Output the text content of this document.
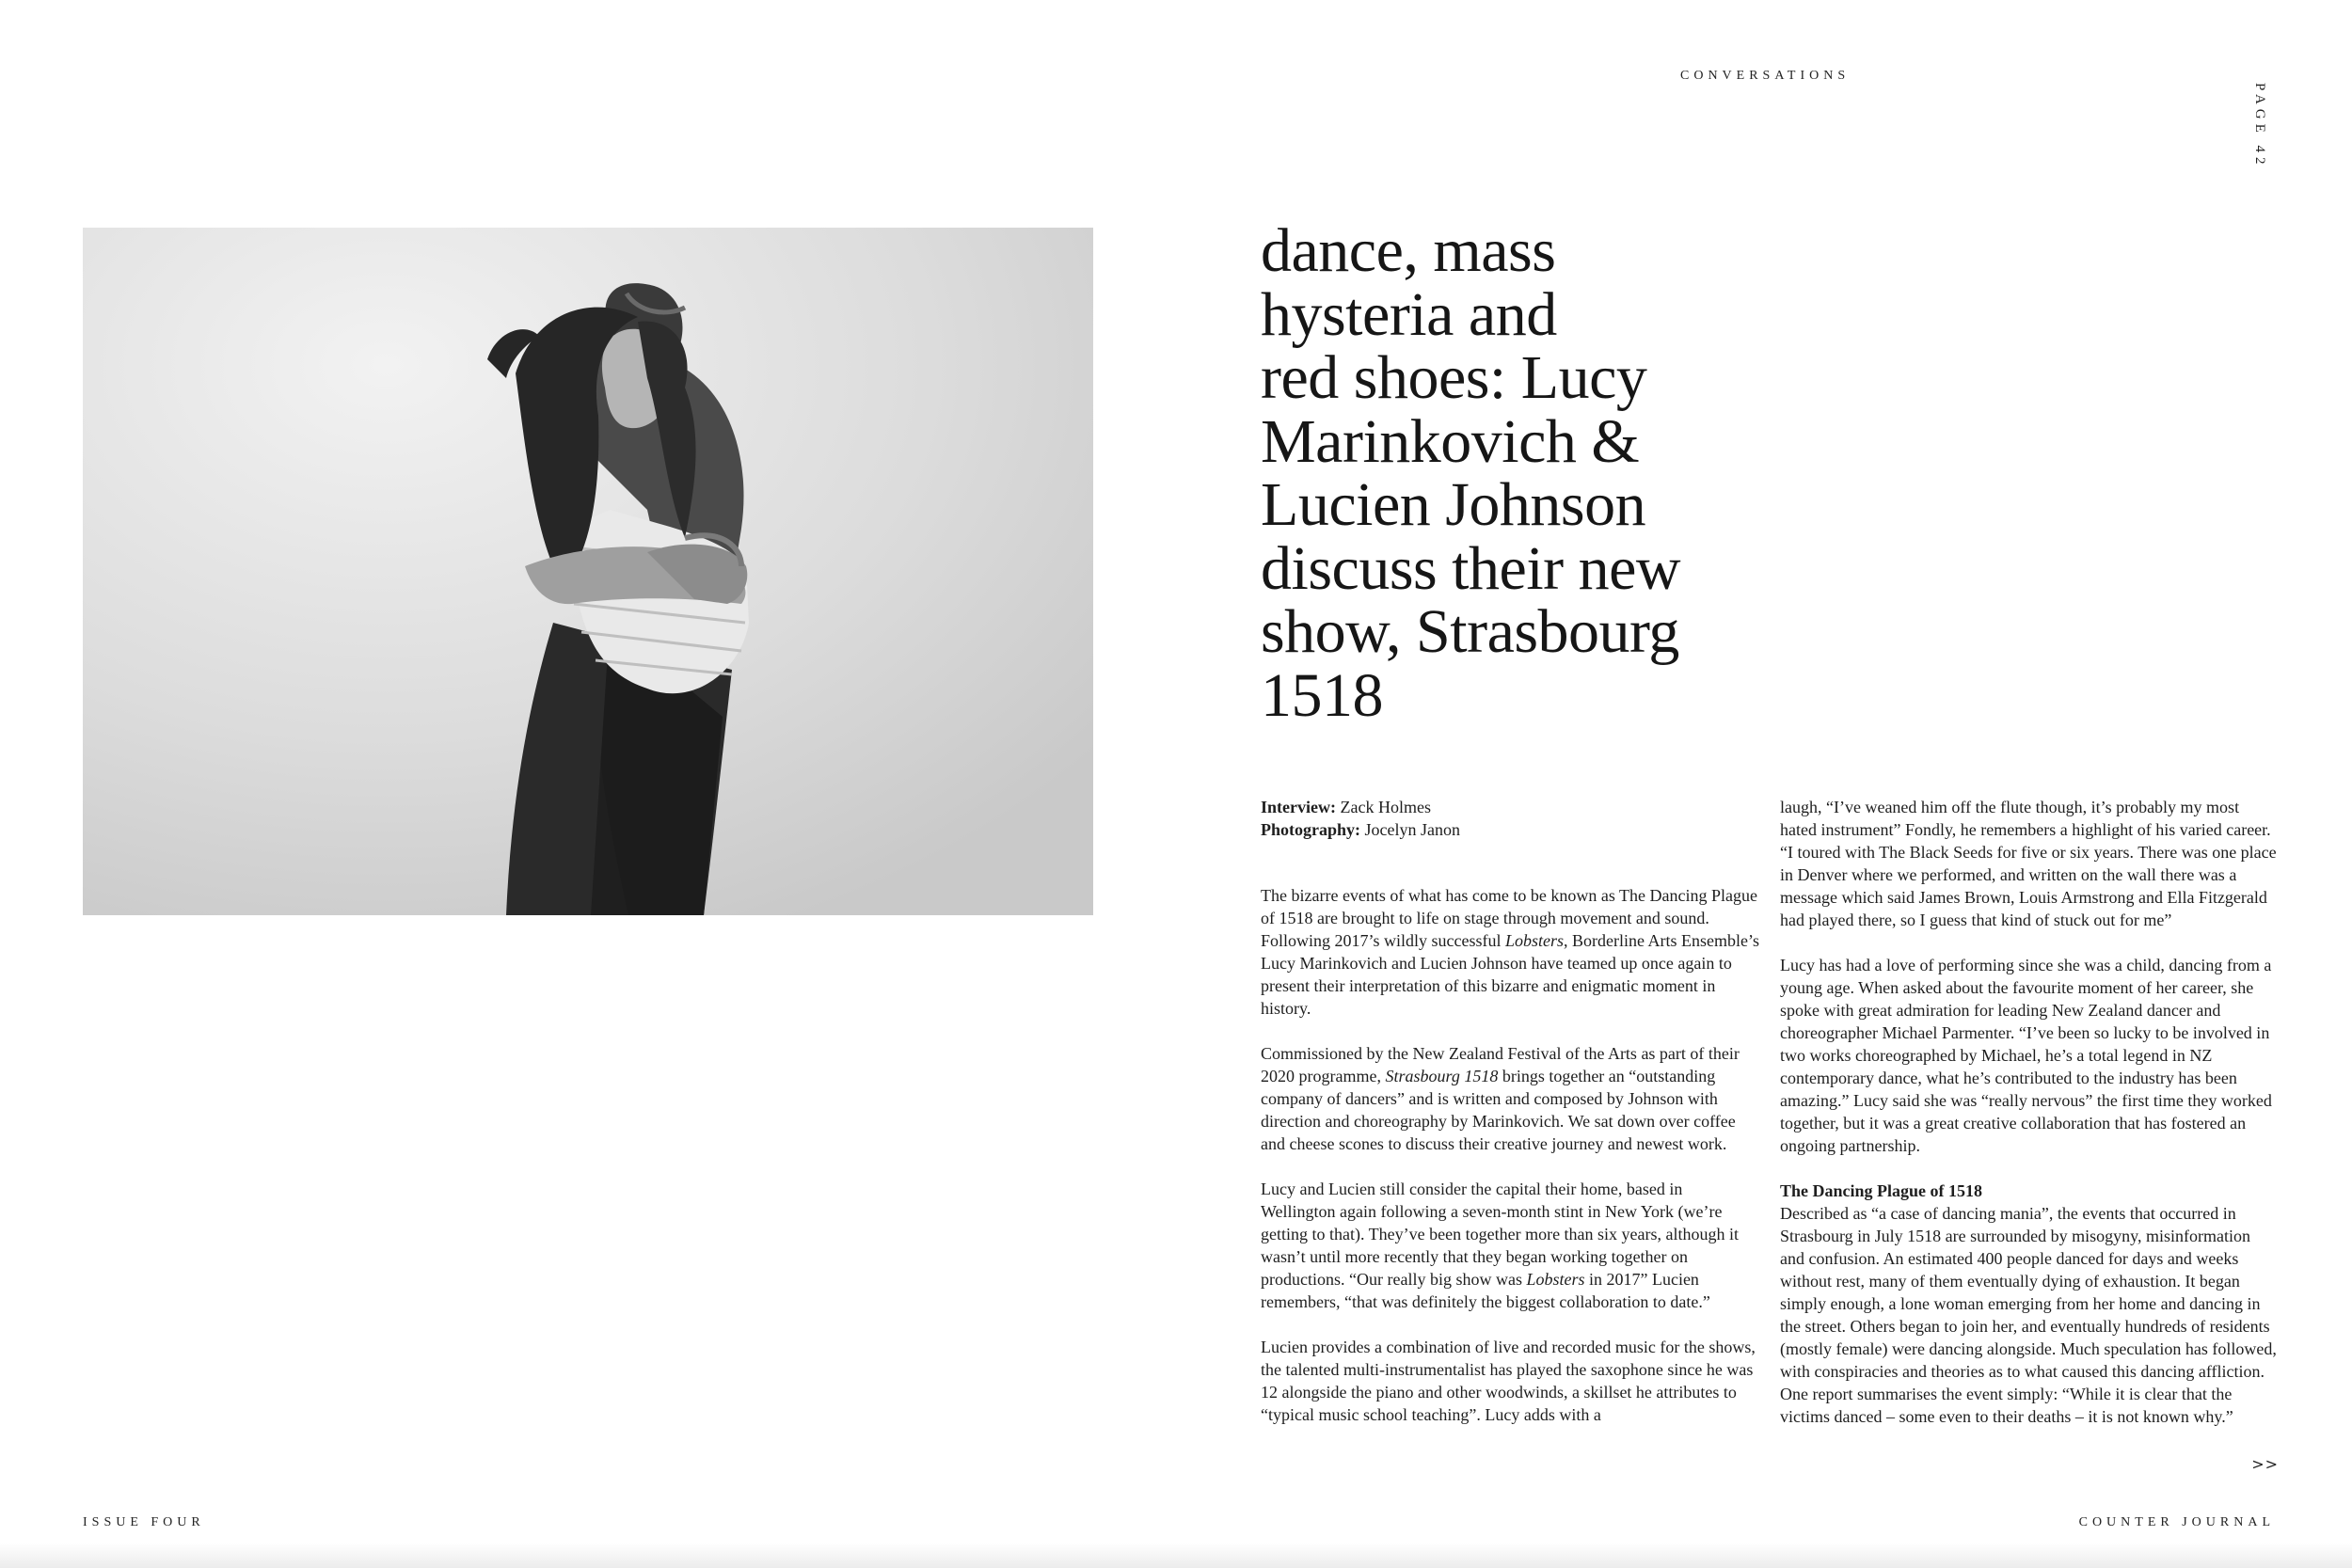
CONVERSATIONS
PAGE 42
dance, mass
hysteria and
red shoes: Lucy
Marinkovich &
Lucien Johnson
discuss their new
show, Strasbourg
1518

Interview: Zack Holmes
Photography: Jocelyn Janon

The bizarre events of what has come to be known as The Dancing Plague of 1518 are brought to life on stage through movement and sound. Following 2017’s wildly successful Lobsters, Borderline Arts Ensemble’s Lucy Marinkovich and Lucien Johnson have teamed up once again to present their interpretation of this bizarre and enigmatic moment in history.

Commissioned by the New Zealand Festival of the Arts as part of their 2020 programme, Strasbourg 1518 brings together an “outstanding company of dancers” and is written and composed by Johnson with direction and choreography by Marinkovich. We sat down over coffee and cheese scones to discuss their creative journey and newest work.

Lucy and Lucien still consider the capital their home, based in Wellington again following a seven-month stint in New York (we’re getting to that). They’ve been together more than six years, although it wasn’t until more recently that they began working together on productions. “Our really big show was Lobsters in 2017” Lucien remembers, “that was definitely the biggest collaboration to date.”

Lucien provides a combination of live and recorded music for the shows, the talented multi-instrumentalist has played the saxophone since he was 12 alongside the piano and other woodwinds, a skillset he attributes to “typical music school teaching”. Lucy adds with a

laugh, “I’ve weaned him off the flute though, it’s probably my most hated instrument” Fondly, he remembers a highlight of his varied career. “I toured with The Black Seeds for five or six years. There was one place in Denver where we performed, and written on the wall there was a message which said James Brown, Louis Armstrong and Ella Fitzgerald had played there, so I guess that kind of stuck out for me”

Lucy has had a love of performing since she was a child, dancing from a young age. When asked about the favourite moment of her career, she spoke with great admiration for leading New Zealand dancer and choreographer Michael Parmenter. “I’ve been so lucky to be involved in two works choreographed by Michael, he’s a total legend in NZ contemporary dance, what he’s contributed to the industry has been amazing.” Lucy said she was “really nervous” the first time they worked together, but it was a great creative collaboration that has fostered an ongoing partnership.

The Dancing Plague of 1518
Described as “a case of dancing mania”, the events that occurred in Strasbourg in July 1518 are surrounded by misogyny, misinformation and confusion. An estimated 400 people danced for days and weeks without rest, many of them eventually dying of exhaustion. It began simply enough, a lone woman emerging from her home and dancing in the street. Others began to join her, and eventually hundreds of residents (mostly female) were dancing alongside. Much speculation has followed, with conspiracies and theories as to what caused this dancing affliction. One report summarises the event simply: “While it is clear that the victims danced – some even to their deaths – it is not known why.”

>>
ISSUE FOUR	COUNTER JOURNAL
